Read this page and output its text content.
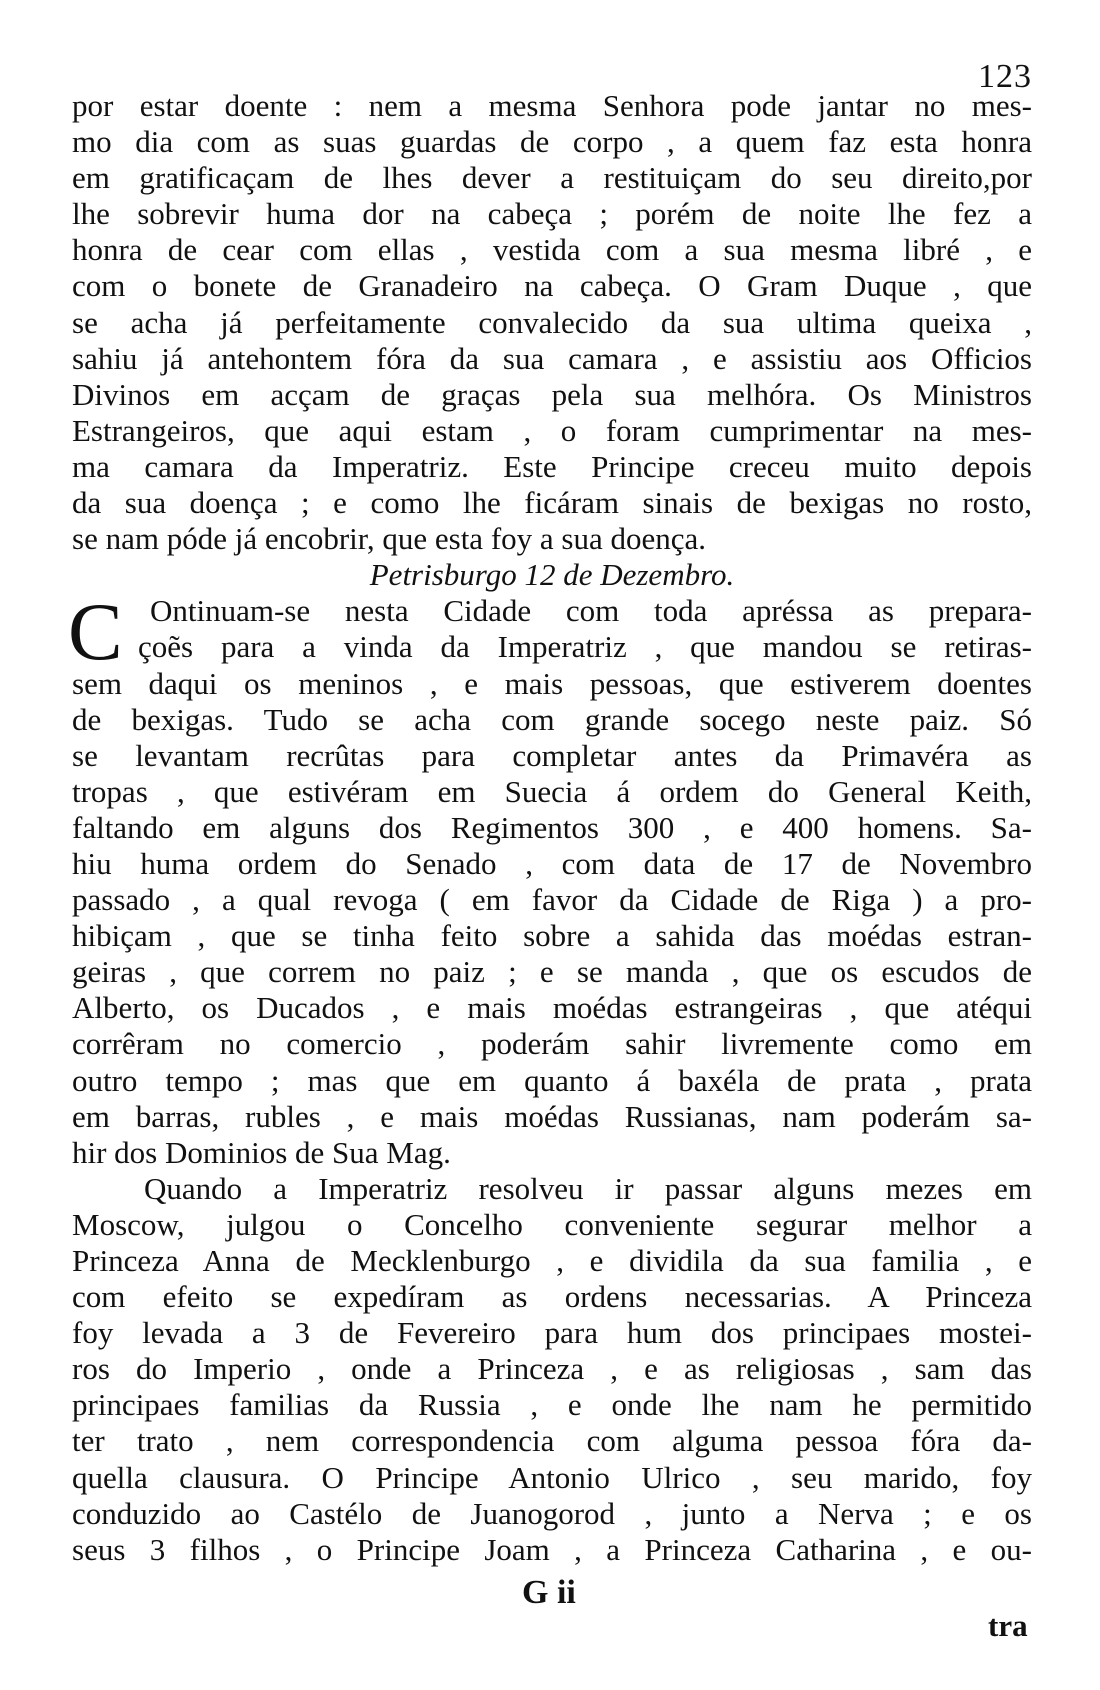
123
por estar doente : nem a mesma Senhora pode jantar no mes-
mo dia com as suas guardas de corpo , a quem faz esta honra
em gratificaçam de lhes dever a restituiçam do seu direito,por
lhe sobrevir huma dor na cabeça ; porém de noite lhe fez a
honra de cear com ellas , vestida com a sua mesma libré , e
com o bonete de Granadeiro na cabeça. O Gram Duque , que
se acha já perfeitamente convalecido da sua ultima queixa ,
sahiu já antehontem fóra da sua camara , e assistiu aos Officios
Divinos em acçam de graças pela sua melhóra. Os Ministros
Estrangeiros, que aqui estam , o foram cumprimentar na mes-
ma camara da Imperatriz. Este Principe creceu muito depois
da sua doença ; e como lhe ficáram sinais de bexigas no rosto,
se nam póde já encobrir, que esta foy a sua doença.
Petrisburgo 12 de Dezembro.
C Ontinuam-se nesta Cidade com toda apréssa as prepara-
çoẽs para a vinda da Imperatriz , que mandou se retiras-
sem daqui os meninos , e mais pessoas, que estiverem doentes
de bexigas. Tudo se acha com grande socego neste paiz. Só
se levantam recrûtas para completar antes da Primavéra as
tropas , que estivéram em Suecia á ordem do General Keith,
faltando em alguns dos Regimentos 300 , e 400 homens. Sa-
hiu huma ordem do Senado , com data de 17 de Novembro
passado , a qual revoga ( em favor da Cidade de Riga ) a pro-
hibiçam , que se tinha feito sobre a sahida das moédas estran-
geiras , que correm no paiz ; e se manda , que os escudos de
Alberto, os Ducados , e mais moédas estrangeiras , que atéqui
corrêram no comercio , poderám sahir livremente como em
outro tempo ; mas que em quanto á baxéla de prata , prata
em barras, rubles , e mais moédas Russianas, nam poderám sa-
hir dos Dominios de Sua Mag.
Quando a Imperatriz resolveu ir passar alguns mezes em
Moscow, julgou o Concelho conveniente segurar melhor a
Princeza Anna de Mecklenburgo , e dividila da sua familia , e
com efeito se expedíram as ordens necessarias. A Princeza
foy levada a 3 de Fevereiro para hum dos principaes mostei-
ros do Imperio , onde a Princeza , e as religiosas , sam das
principaes familias da Russia , e onde lhe nam he permitido
ter trato , nem correspondencia com alguma pessoa fóra da-
quella clausura. O Principe Antonio Ulrico , seu marido, foy
conduzido ao Castélo de Juanogorod , junto a Nerva ; e os
seus 3 filhos , o Principe Joam , a Princeza Catharina , e ou-
G ii
tra
